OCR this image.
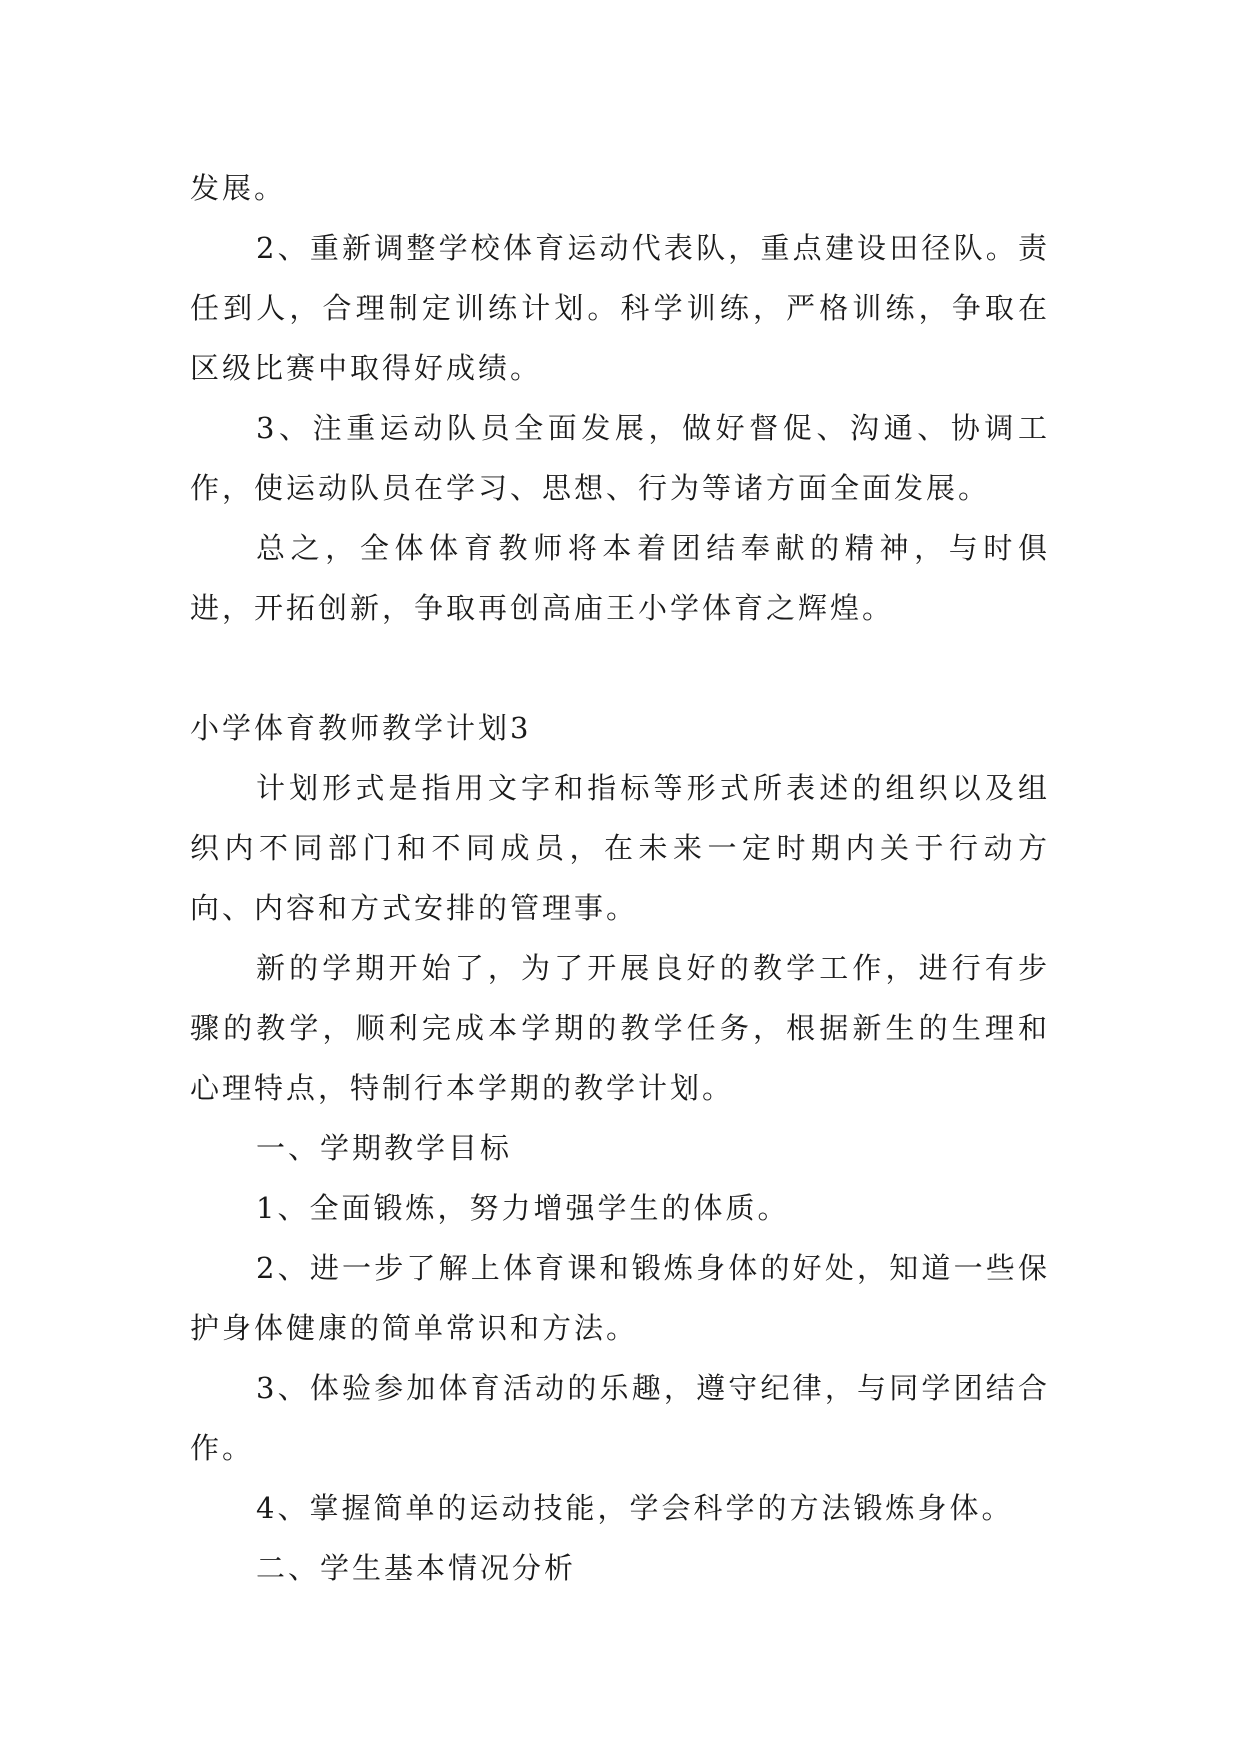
发展。

2、重新调整学校体育运动代表队，重点建设田径队。责任到人，合理制定训练计划。科学训练，严格训练，争取在区级比赛中取得好成绩。

3、注重运动队员全面发展，做好督促、沟通、协调工作，使运动队员在学习、思想、行为等诸方面全面发展。

总之，全体体育教师将本着团结奉献的精神，与时俱进，开拓创新，争取再创高庙王小学体育之辉煌。

小学体育教师教学计划3

计划形式是指用文字和指标等形式所表述的组织以及组织内不同部门和不同成员，在未来一定时期内关于行动方向、内容和方式安排的管理事。

新的学期开始了，为了开展良好的教学工作，进行有步骤的教学，顺利完成本学期的教学任务，根据新生的生理和心理特点，特制行本学期的教学计划。

一、学期教学目标

1、全面锻炼，努力增强学生的体质。

2、进一步了解上体育课和锻炼身体的好处，知道一些保护身体健康的简单常识和方法。

3、体验参加体育活动的乐趣，遵守纪律，与同学团结合作。

4、掌握简单的运动技能，学会科学的方法锻炼身体。

二、学生基本情况分析
